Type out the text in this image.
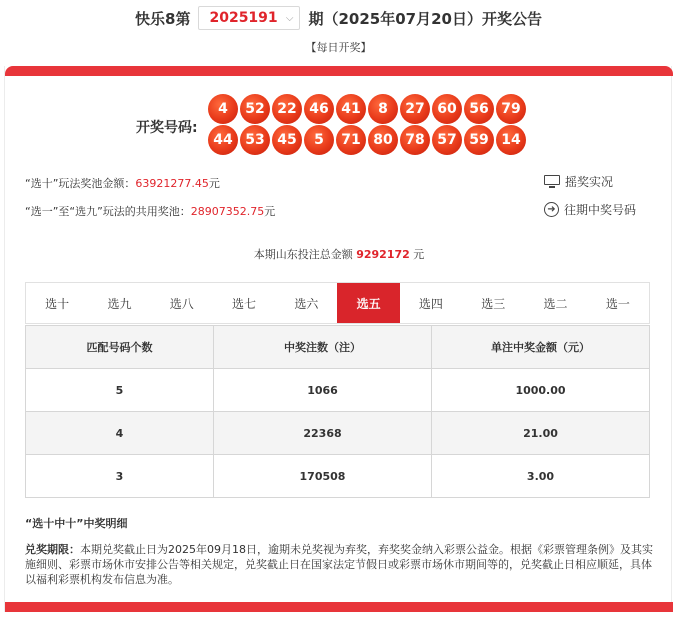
快乐8第 2025191 ⌵ 期（2025年07月20日）开奖公告
【每日开奖】
开奖号码:
4	52 22 46 41	8	27 60 56 79
44 53 45	5	71 80 78 57 59 14
“选十”玩法奖池金额：63921277.45元
“选一”至“选九”玩法的共用奖池：28907352.75元
摇奖实况
➜ 往期中奖号码
本期山东投注总金额 9292172 元
选十	选九	选八	选七	选六	选五	选四	选三	选二	选一
匹配号码个数	中奖注数（注）	单注中奖金额（元）
5	1066	1000.00
4	22368	21.00
3	170508	3.00
“选十中十”中奖明细
兑奖期限：本期兑奖截止日为2025年09月18日，逾期未兑奖视为弃奖，弃奖奖金纳入彩票公益金。根据《彩票管理条例》及其实施细则、彩票市场休市安排公告等相关规定，兑奖截止日在国家法定节假日或彩票市场休市期间等的，兑奖截止日相应顺延，具体以福利彩票机构发布信息为准。
